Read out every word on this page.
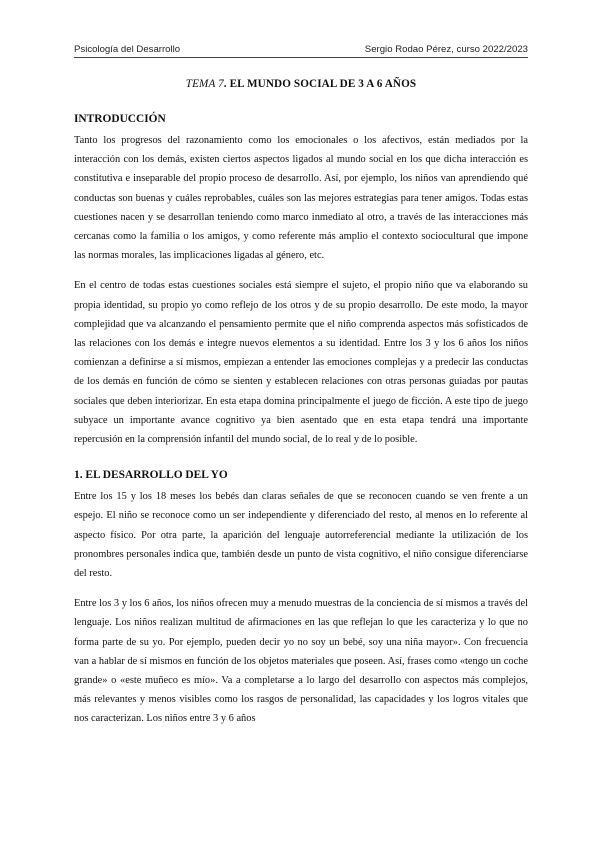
Psicología del Desarrollo	Sergio Rodao Pérez, curso 2022/2023
TEMA 7. EL MUNDO SOCIAL DE 3 A 6 AÑOS
INTRODUCCIÓN

Tanto los progresos del razonamiento como los emocionales o los afectivos, están mediados por la interacción con los demás, existen ciertos aspectos ligados al mundo social en los que dicha interacción es constitutiva e inseparable del propio proceso de desarrollo. Así, por ejemplo, los niños van aprendiendo qué conductas son buenas y cuáles reprobables, cuáles son las mejores estrategias para tener amigos. Todas estas cuestiones nacen y se desarrollan teniendo como marco inmediato al otro, a través de las interacciones más cercanas como la familia o los amigos, y como referente más amplio el contexto sociocultural que impone las normas morales, las implicaciones ligadas al género, etc.

En el centro de todas estas cuestiones sociales está siempre el sujeto, el propio niño que va elaborando su propia identidad, su propio yo como reflejo de los otros y de su propio desarrollo. De este modo, la mayor complejidad que va alcanzando el pensamiento permite que el niño comprenda aspectos más sofisticados de las relaciones con los demás e integre nuevos elementos a su identidad. Entre los 3 y los 6 años los niños comienzan a definirse a sí mismos, empiezan a entender las emociones complejas y a predecir las conductas de los demás en función de cómo se sienten y establecen relaciones con otras personas guiadas por pautas sociales que deben interiorizar. En esta etapa domina principalmente el juego de ficción. A este tipo de juego subyace un importante avance cognitivo ya bien asentado que en esta etapa tendrá una importante repercusión en la comprensión infantil del mundo social, de lo real y de lo posible.

1. EL DESARROLLO DEL YO

Entre los 15 y los 18 meses los bebés dan claras señales de que se reconocen cuando se ven frente a un espejo. El niño se reconoce como un ser independiente y diferenciado del resto, al menos en lo referente al aspecto físico. Por otra parte, la aparición del lenguaje autorreferencial mediante la utilización de los pronombres personales indica que, también desde un punto de vista cognitivo, el niño consigue diferenciarse del resto.

Entre los 3 y los 6 años, los niños ofrecen muy a menudo muestras de la conciencia de sí mismos a través del lenguaje. Los niños realizan multitud de afirmaciones en las que reflejan lo que les caracteriza y lo que no forma parte de su yo. Por ejemplo, pueden decir yo no soy un bebé, soy una niña mayor». Con frecuencia van a hablar de sí mismos en función de los objetos materiales que poseen. Así, frases como «tengo un coche grande» o «este muñeco es mío». Va a completarse a lo largo del desarrollo con aspectos más complejos, más relevantes y menos visibles como los rasgos de personalidad, las capacidades y los logros vitales que nos caracterizan. Los niños entre 3 y 6 años
